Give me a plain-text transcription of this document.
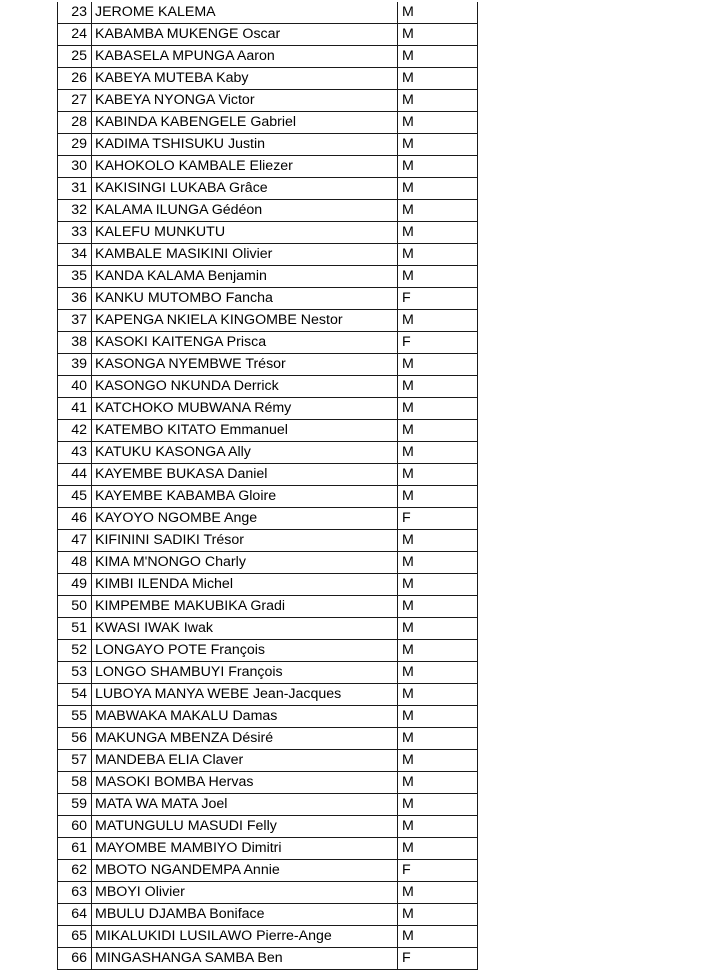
23	JEROME KALEMA	M
24	KABAMBA MUKENGE Oscar	M
25	KABASELA MPUNGA Aaron	M
26	KABEYA MUTEBA Kaby	M
27	KABEYA NYONGA Victor	M
28	KABINDA KABENGELE Gabriel	M
29	KADIMA TSHISUKU Justin	M
30	KAHOKOLO KAMBALE Eliezer	M
31	KAKISINGI LUKABA Grâce	M
32	KALAMA ILUNGA Gédéon	M
33	KALEFU MUNKUTU	M
34	KAMBALE MASIKINI Olivier	M
35	KANDA KALAMA Benjamin	M
36	KANKU MUTOMBO Fancha	F
37	KAPENGA NKIELA KINGOMBE Nestor	M
38	KASOKI KAITENGA Prisca	F
39	KASONGA NYEMBWE Trésor	M
40	KASONGO NKUNDA Derrick	M
41	KATCHOKO MUBWANA Rémy	M
42	KATEMBO KITATO Emmanuel	M
43	KATUKU KASONGA Ally	M
44	KAYEMBE BUKASA Daniel	M
45	KAYEMBE KABAMBA Gloire	M
46	KAYOYO NGOMBE Ange	F
47	KIFININI SADIKI Trésor	M
48	KIMA M'NONGO Charly	M
49	KIMBI ILENDA Michel	M
50	KIMPEMBE MAKUBIKA Gradi	M
51	KWASI IWAK Iwak	M
52	LONGAYO POTE François	M
53	LONGO SHAMBUYI François	M
54	LUBOYA MANYA WEBE Jean-Jacques	M
55	MABWAKA MAKALU Damas	M
56	MAKUNGA MBENZA Désiré	M
57	MANDEBA ELIA Claver	M
58	MASOKI BOMBA Hervas	M
59	MATA WA MATA Joel	M
60	MATUNGULU MASUDI Felly	M
61	MAYOMBE MAMBIYO Dimitri	M
62	MBOTO NGANDEMPA Annie	F
63	MBOYI Olivier	M
64	MBULU DJAMBA Boniface	M
65	MIKALUKIDI LUSILAWO Pierre-Ange	M
66	MINGASHANGA SAMBA Ben	F
